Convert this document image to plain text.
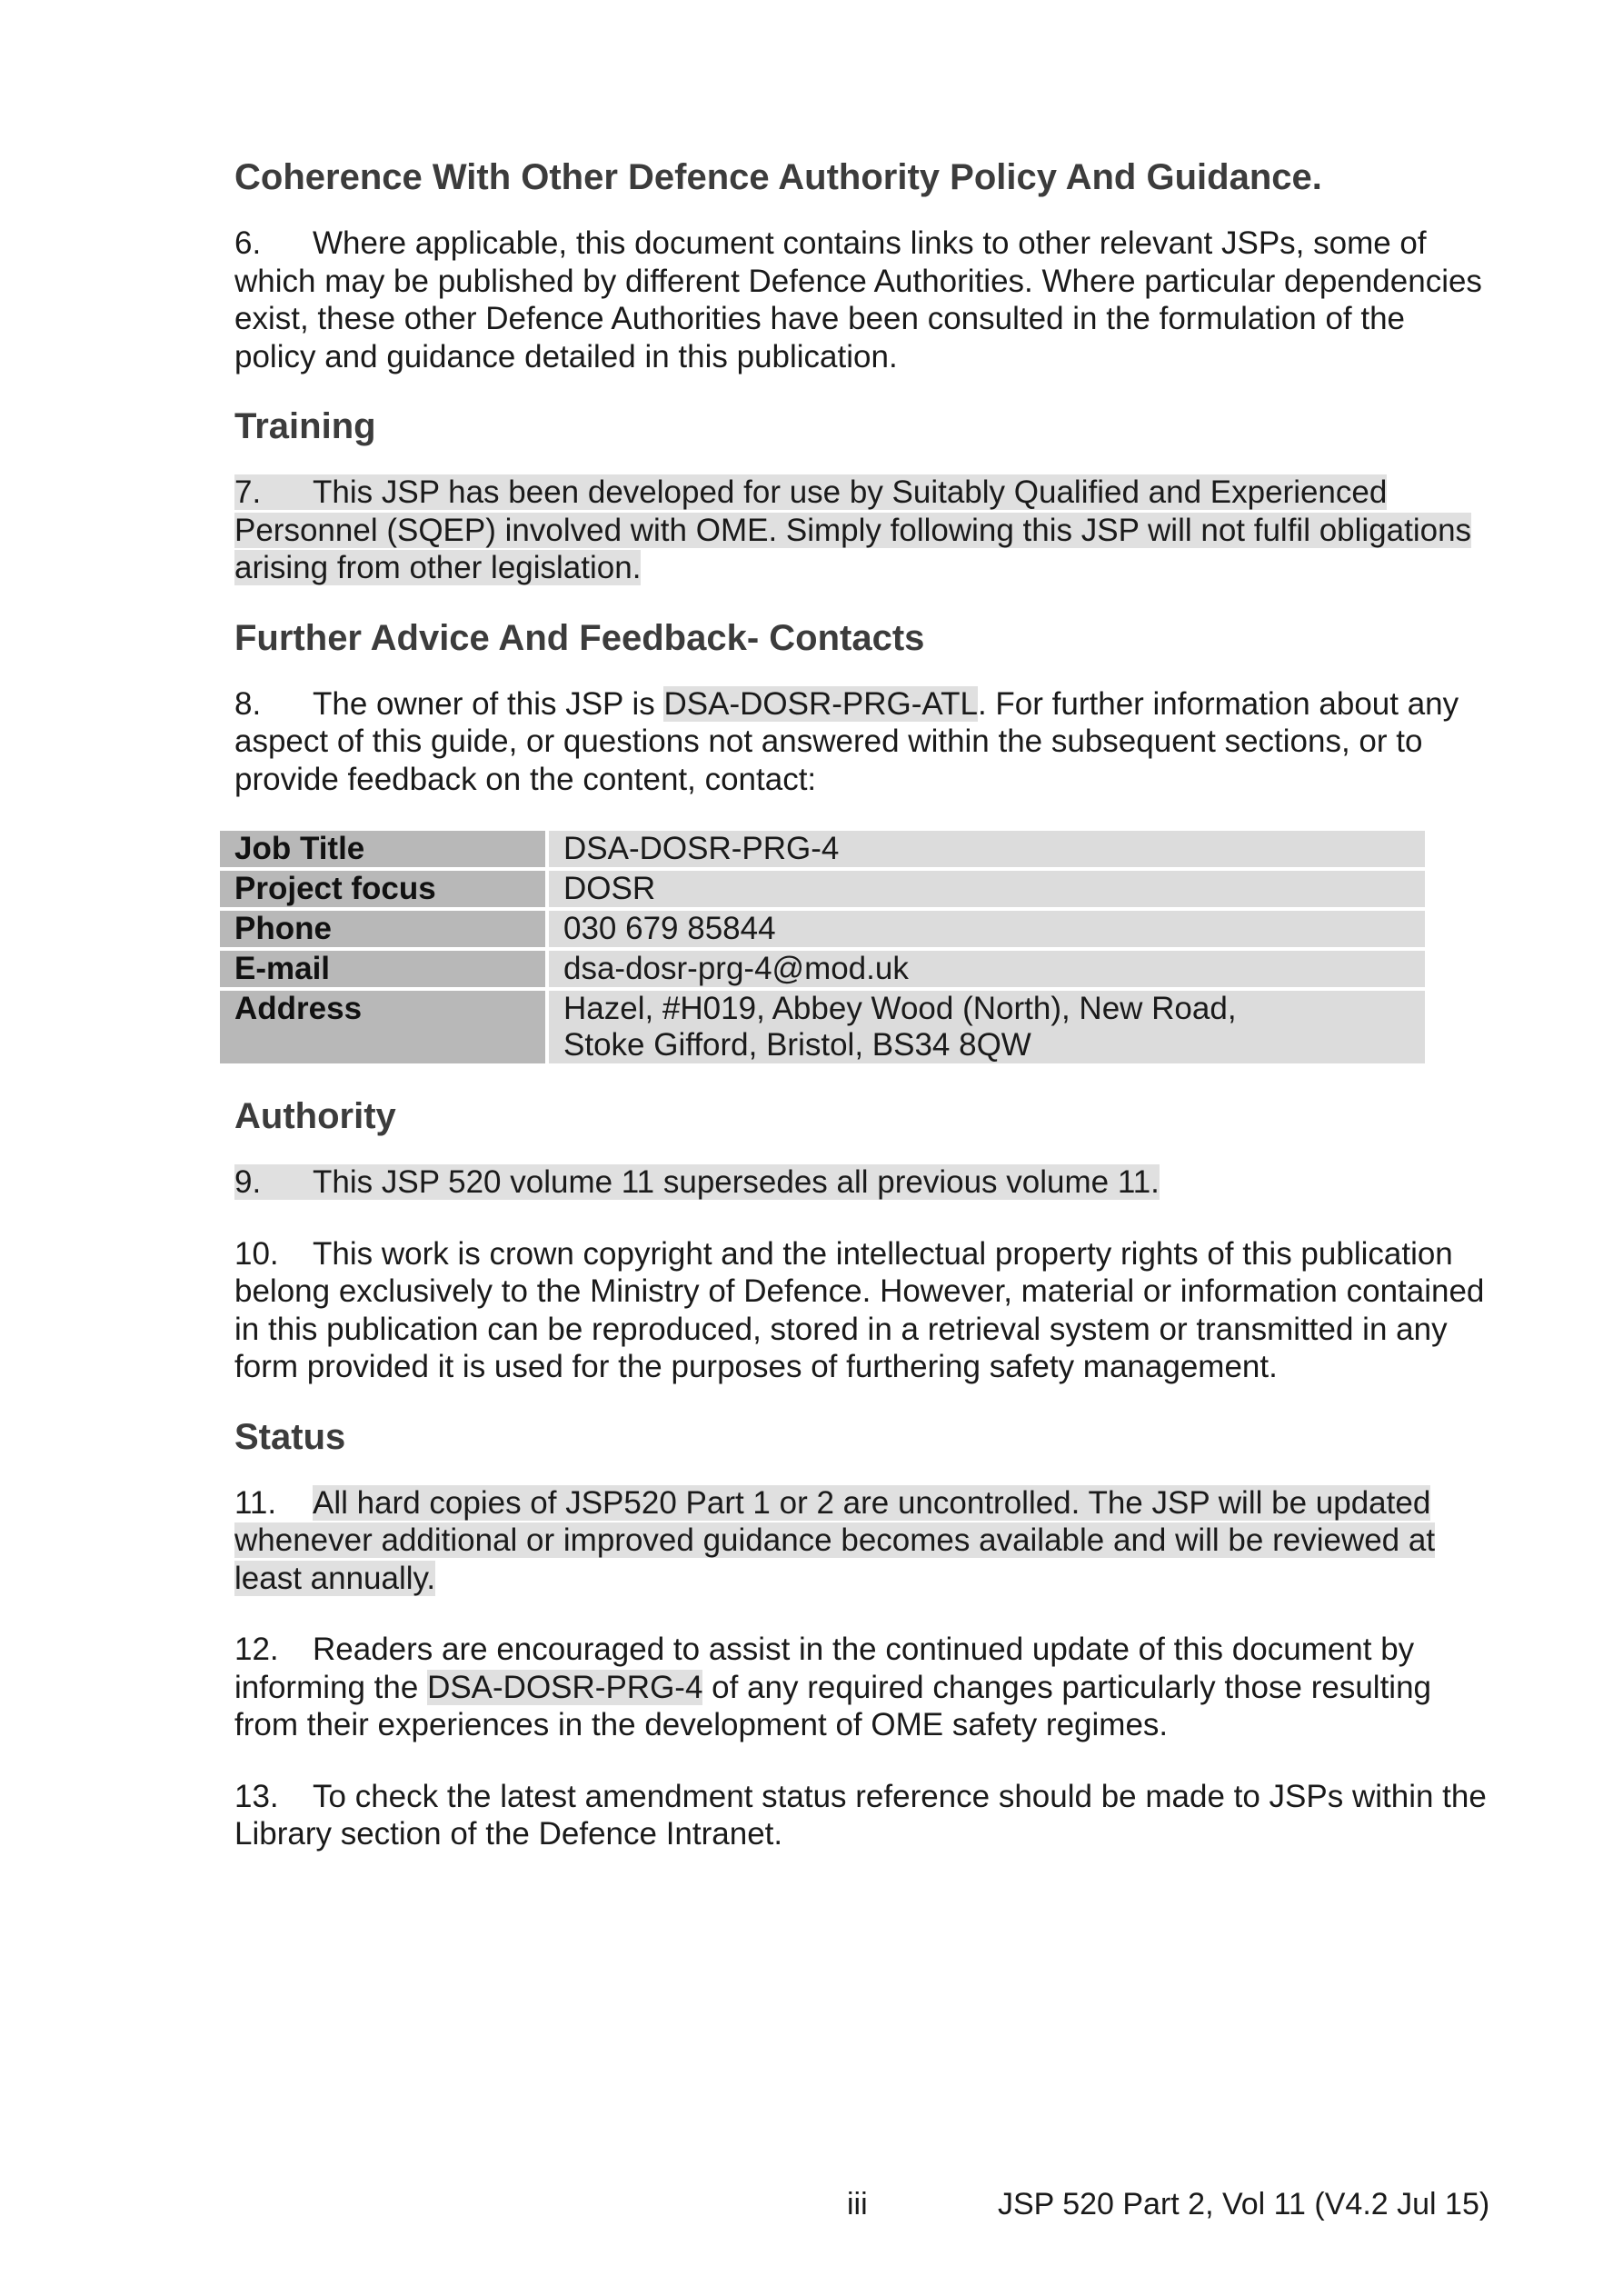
Coherence With Other Defence Authority Policy And Guidance.

6. Where applicable, this document contains links to other relevant JSPs, some of which may be published by different Defence Authorities. Where particular dependencies exist, these other Defence Authorities have been consulted in the formulation of the policy and guidance detailed in this publication.

Training

7. This JSP has been developed for use by Suitably Qualified and Experienced Personnel (SQEP) involved with OME. Simply following this JSP will not fulfil obligations arising from other legislation.

Further Advice And Feedback- Contacts

8. The owner of this JSP is DSA-DOSR-PRG-ATL. For further information about any aspect of this guide, or questions not answered within the subsequent sections, or to provide feedback on the content, contact:

Job Title	DSA-DOSR-PRG-4
Project focus	DOSR
Phone	030 679 85844
E-mail	dsa-dosr-prg-4@mod.uk
Address	Hazel, #H019, Abbey Wood (North), New Road,
Stoke Gifford, Bristol, BS34 8QW
Authority

9. This JSP 520 volume 11 supersedes all previous volume 11.

10. This work is crown copyright and the intellectual property rights of this publication belong exclusively to the Ministry of Defence. However, material or information contained in this publication can be reproduced, stored in a retrieval system or transmitted in any form provided it is used for the purposes of furthering safety management.

Status

11. All hard copies of JSP520 Part 1 or 2 are uncontrolled. The JSP will be updated whenever additional or improved guidance becomes available and will be reviewed at least annually.

12. Readers are encouraged to assist in the continued update of this document by informing the DSA-DOSR-PRG-4 of any required changes particularly those resulting from their experiences in the development of OME safety regimes.

13. To check the latest amendment status reference should be made to JSPs within the Library section of the Defence Intranet.

iii	JSP 520 Part 2, Vol 11 (V4.2 Jul 15)
